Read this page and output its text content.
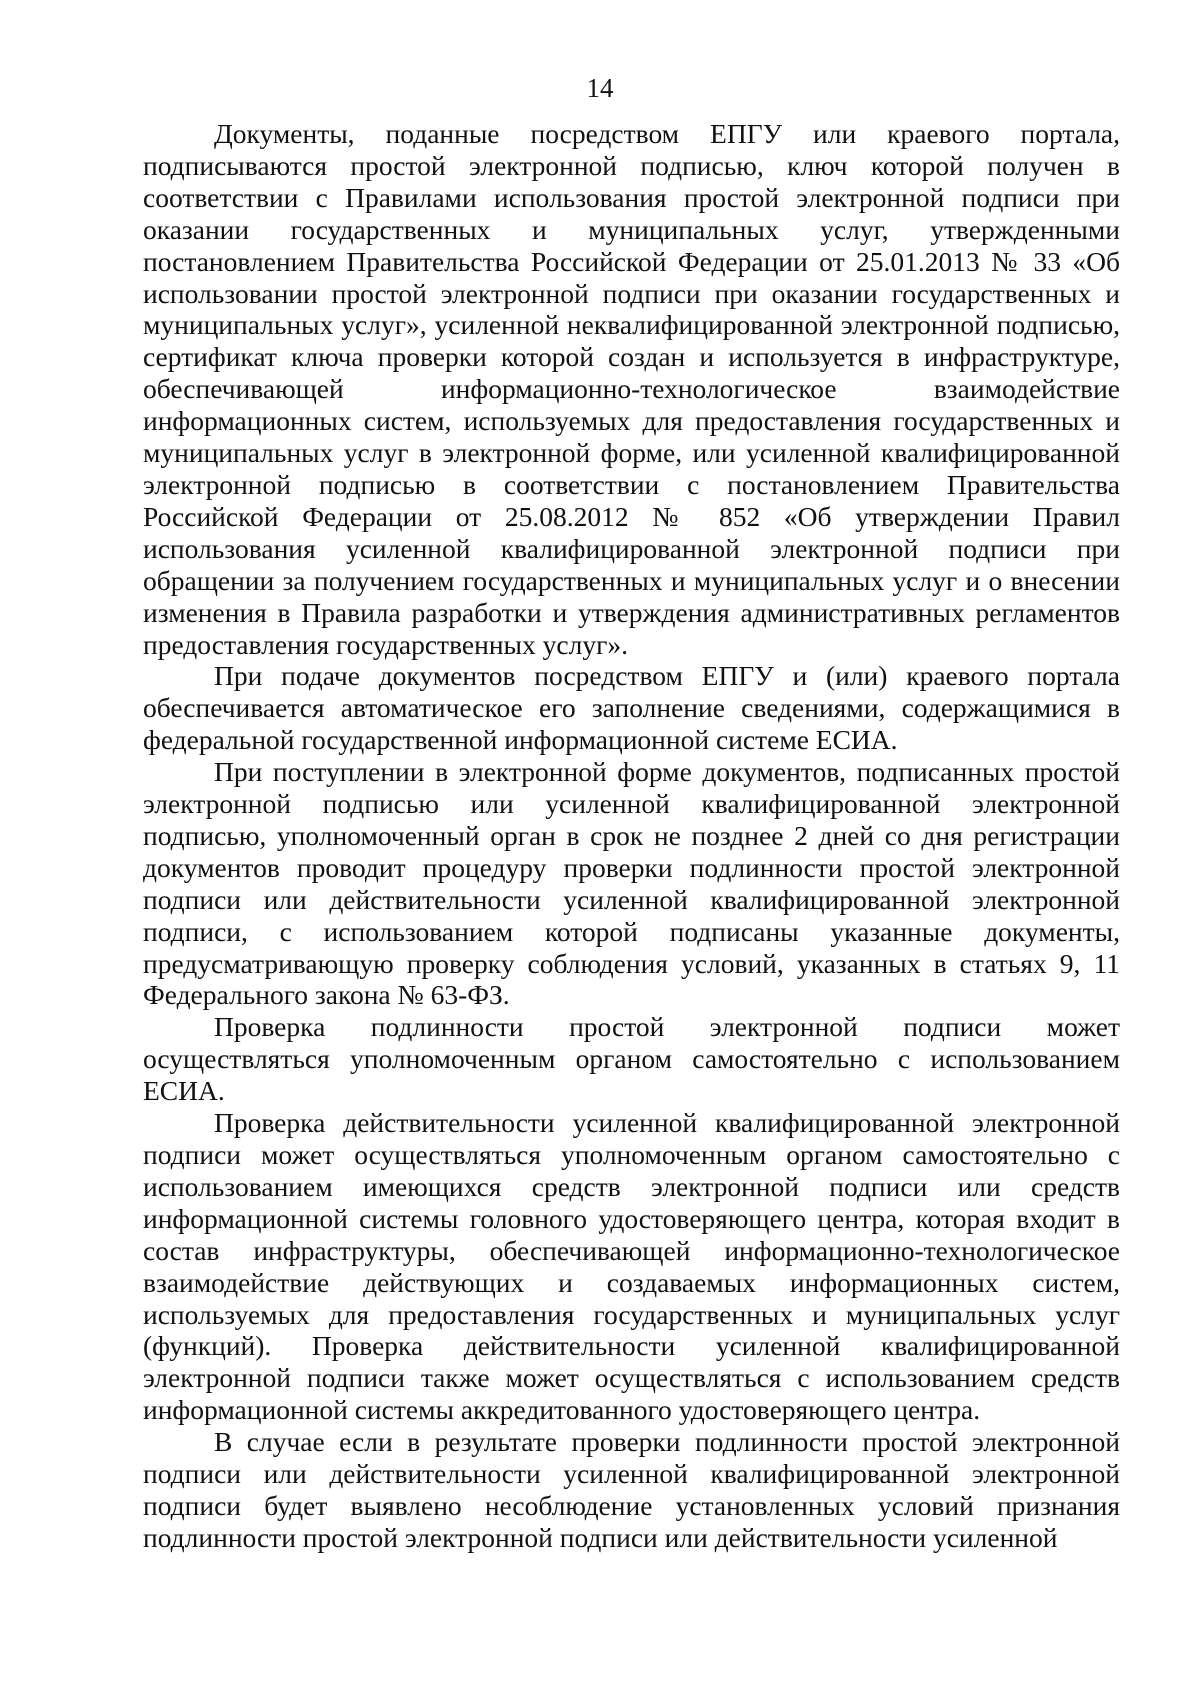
14

Документы, поданные посредством ЕПГУ или краевого портала, подписываются простой электронной подписью, ключ которой получен в соответствии с Правилами использования простой электронной подписи при оказании государственных и муниципальных услуг, утвержденными постановлением Правительства Российской Федерации от 25.01.2013 № 33 «Об использовании простой электронной подписи при оказании государственных и муниципальных услуг», усиленной неквалифицированной электронной подписью, сертификат ключа проверки которой создан и используется в инфраструктуре, обеспечивающей информационно-технологическое взаимодействие информационных систем, используемых для предоставления государственных и муниципальных услуг в электронной форме, или усиленной квалифицированной электронной подписью в соответствии с постановлением Правительства Российской Федерации от 25.08.2012 № 852 «Об утверждении Правил использования усиленной квалифицированной электронной подписи при обращении за получением государственных и муниципальных услуг и о внесении изменения в Правила разработки и утверждения административных регламентов предоставления государственных услуг».

При подаче документов посредством ЕПГУ и (или) краевого портала обеспечивается автоматическое его заполнение сведениями, содержащимися в федеральной государственной информационной системе ЕСИА.

При поступлении в электронной форме документов, подписанных простой электронной подписью или усиленной квалифицированной электронной подписью, уполномоченный орган в срок не позднее 2 дней со дня регистрации документов проводит процедуру проверки подлинности простой электронной подписи или действительности усиленной квалифицированной электронной подписи, с использованием которой подписаны указанные документы, предусматривающую проверку соблюдения условий, указанных в статьях 9, 11 Федерального закона № 63-ФЗ.

Проверка подлинности простой электронной подписи может осуществляться уполномоченным органом самостоятельно с использованием ЕСИА.

Проверка действительности усиленной квалифицированной электронной подписи может осуществляться уполномоченным органом самостоятельно с использованием имеющихся средств электронной подписи или средств информационной системы головного удостоверяющего центра, которая входит в состав инфраструктуры, обеспечивающей информационно-технологическое взаимодействие действующих и создаваемых информационных систем, используемых для предоставления государственных и муниципальных услуг (функций). Проверка действительности усиленной квалифицированной электронной подписи также может осуществляться с использованием средств информационной системы аккредитованного удостоверяющего центра.

В случае если в результате проверки подлинности простой электронной подписи или действительности усиленной квалифицированной электронной подписи будет выявлено несоблюдение установленных условий признания подлинности простой электронной подписи или действительности усиленной
